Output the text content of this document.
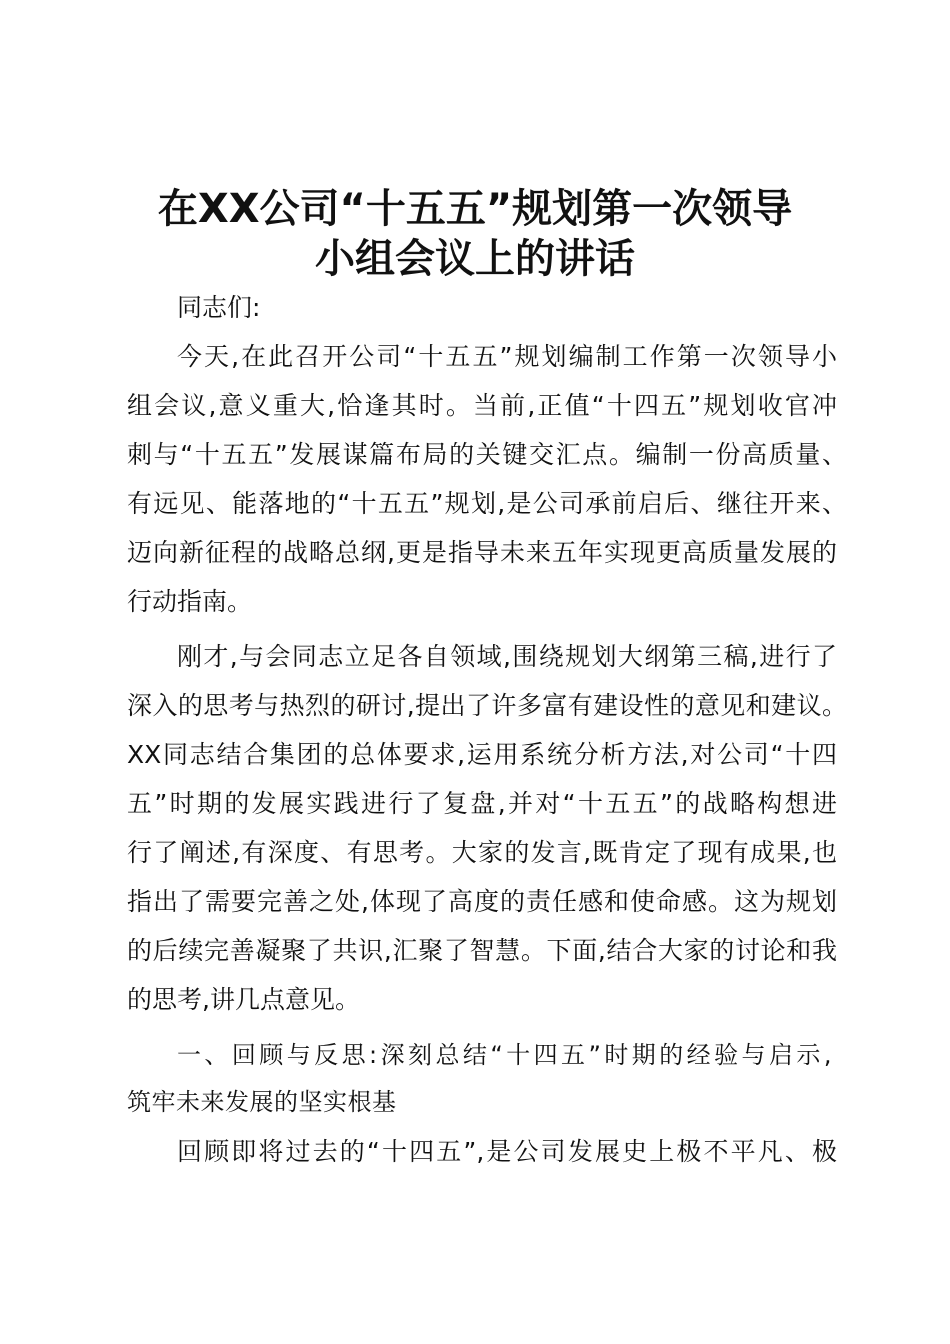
在XX公司“十五五”规划第一次领导
小组会议上的讲话
同志们:
今天,在此召开公司“十五五”规划编制工作第一次领导小
组会议,意义重大,恰逢其时。当前,正值“十四五”规划收官冲
刺与“十五五”发展谋篇布局的关键交汇点。编制一份高质量、
有远见、能落地的“十五五”规划,是公司承前启后、继往开来、
迈向新征程的战略总纲,更是指导未来五年实现更高质量发展的
行动指南。
刚才,与会同志立足各自领域,围绕规划大纲第三稿,进行了
深入的思考与热烈的研讨,提出了许多富有建设性的意见和建议。
XX同志结合集团的总体要求,运用系统分析方法,对公司“十四
五”时期的发展实践进行了复盘,并对“十五五”的战略构想进
行了阐述,有深度、有思考。大家的发言,既肯定了现有成果,也
指出了需要完善之处,体现了高度的责任感和使命感。这为规划
的后续完善凝聚了共识,汇聚了智慧。下面,结合大家的讨论和我
的思考,讲几点意见。
一、回顾与反思:深刻总结“十四五”时期的经验与启示,
筑牢未来发展的坚实根基
回顾即将过去的“十四五”,是公司发展史上极不平凡、极
